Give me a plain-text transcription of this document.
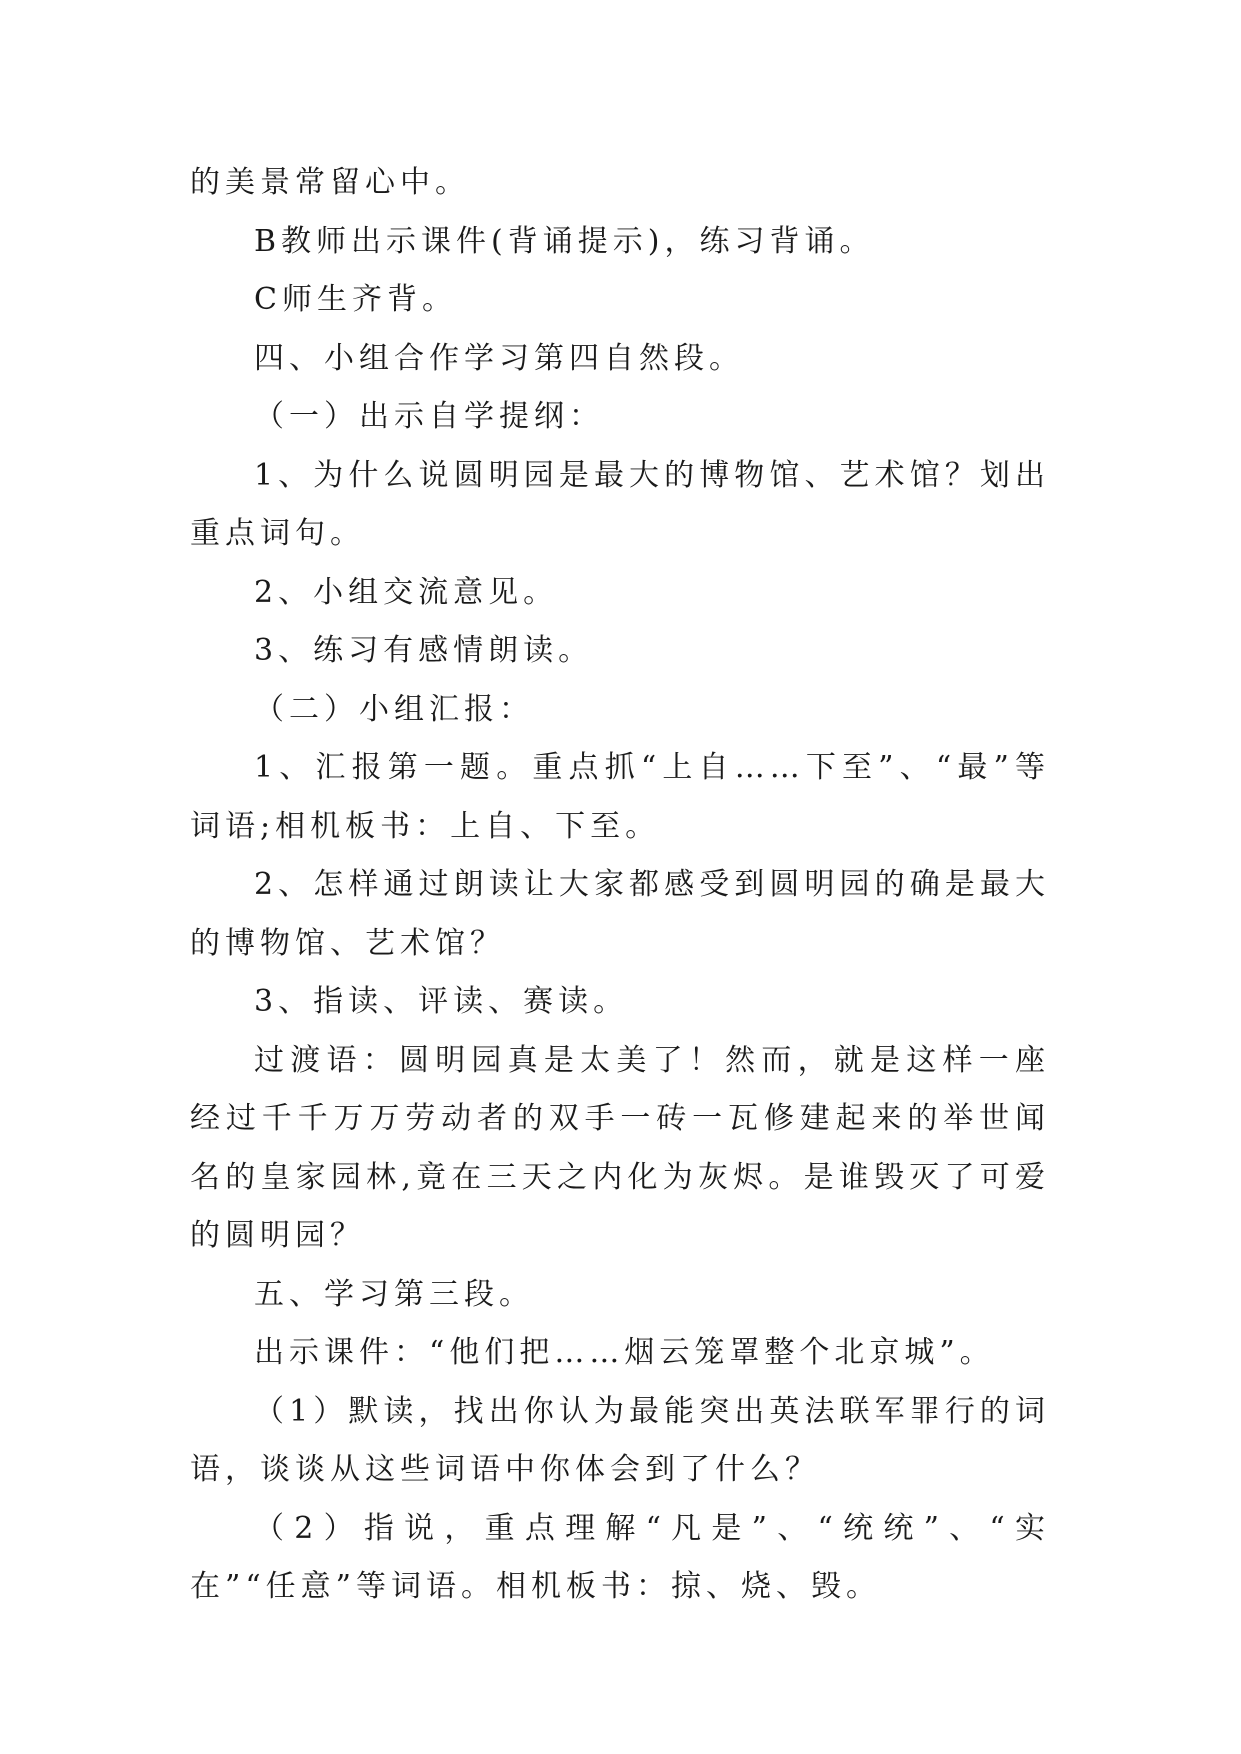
的美景常留心中。

B教师出示课件(背诵提示)，练习背诵。

C师生齐背。

四、小组合作学习第四自然段。

（一）出示自学提纲：

1、为什么说圆明园是最大的博物馆、艺术馆？划出重点词句。

2、小组交流意见。

3、练习有感情朗读。

（二）小组汇报：

1、汇报第一题。重点抓“上自……下至”、“最”等词语;相机板书：上自、下至。

2、怎样通过朗读让大家都感受到圆明园的确是最大的博物馆、艺术馆？

3、指读、评读、赛读。

过渡语：圆明园真是太美了！然而，就是这样一座经过千千万万劳动者的双手一砖一瓦修建起来的举世闻名的皇家园林,竟在三天之内化为灰烬。是谁毁灭了可爱的圆明园？

五、学习第三段。

出示课件：“他们把……烟云笼罩整个北京城”。

（1）默读，找出你认为最能突出英法联军罪行的词语，谈谈从这些词语中你体会到了什么？

（2）指说，重点理解“凡是”、“统统”、“实在”“任意”等词语。相机板书：掠、烧、毁。
